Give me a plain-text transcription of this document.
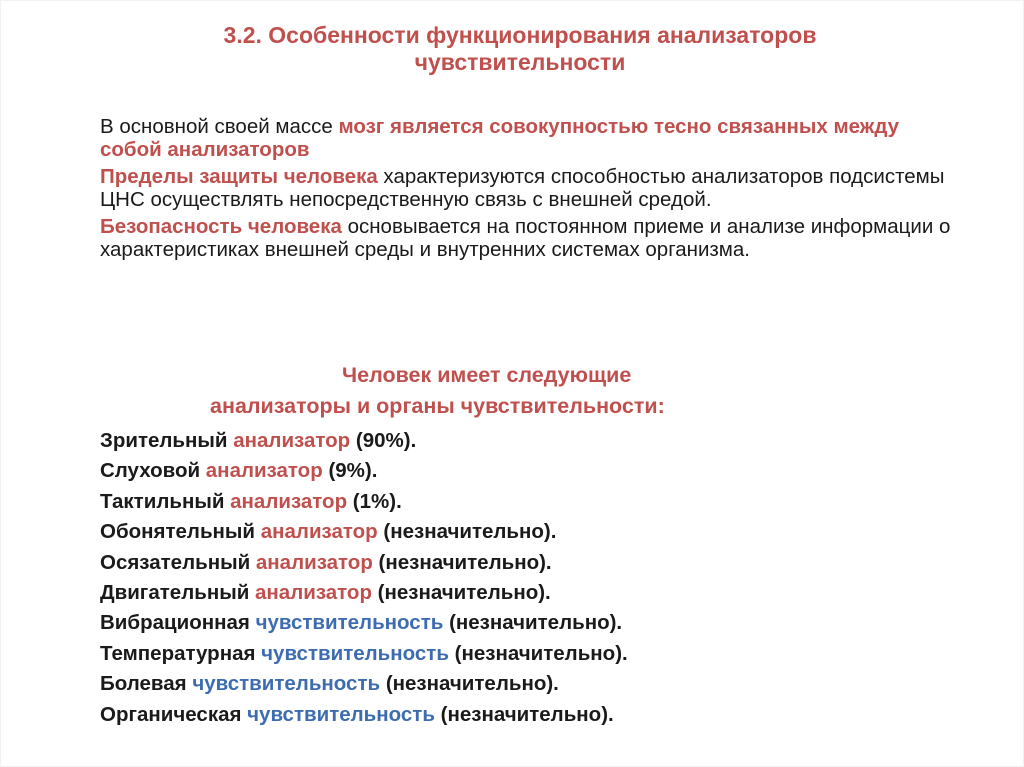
3.2. Особенности функционирования анализаторов чувствительности

В основной своей массе мозг является совокупностью тесно связанных между собой анализаторов

Пределы защиты человека характеризуются способностью анализаторов подсистемы ЦНС осуществлять непосредственную связь с внешней средой.

Безопасность человека основывается на постоянном приеме и анализе информации о характеристиках внешней среды и внутренних системах организма.

Человек имеет следующие
анализаторы и органы чувствительности:
Зрительный анализатор (90%).
Слуховой анализатор (9%).
Тактильный анализатор (1%).
Обонятельный анализатор (незначительно).
Осязательный анализатор (незначительно).
Двигательный анализатор (незначительно).
Вибрационная чувствительность (незначительно).
Температурная чувствительность (незначительно).
Болевая чувствительность (незначительно).
Органическая чувствительность (незначительно).
